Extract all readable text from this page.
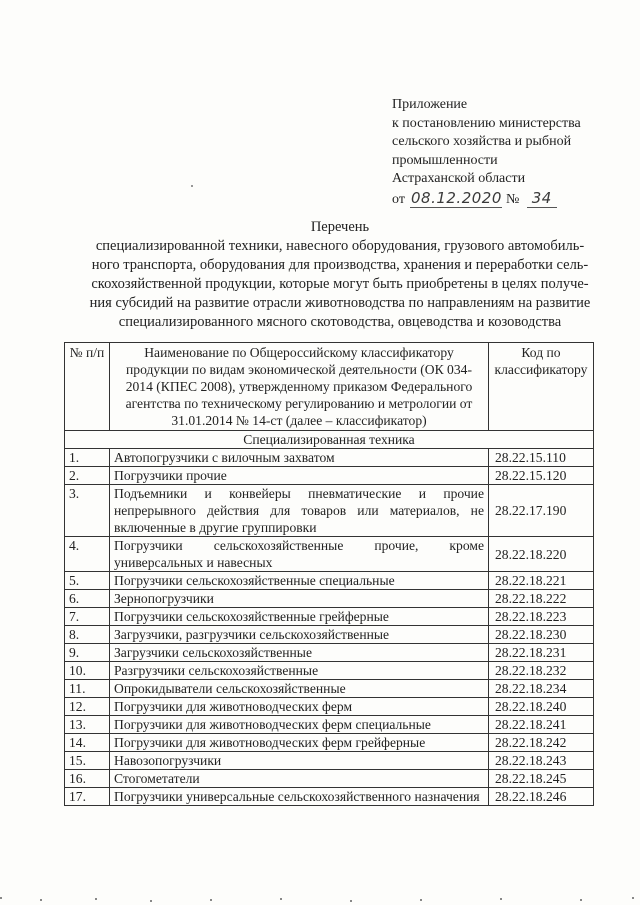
Приложение
к постановлению министерства
сельского хозяйства и рыбной
промышленности
Астраханской области
от 08.12.2020 № 34
Перечень
специализированной техники, навесного оборудования, грузового автомобиль-
ного транспорта, оборудования для производства, хранения и переработки сель-
скохозяйственной продукции, которые могут быть приобретены в целях получе-
ния субсидий на развитие отрасли животноводства по направлениям на развитие
специализированного мясного скотоводства, овцеводства и козоводства
№ п/п	Наименование по Общероссийскому классификатору продукции по видам экономической деятельности (ОК 034-2014 (КПЕС 2008), утвержденному приказом Федерального агентства по техническому регулированию и метрологии от 31.01.2014 № 14-ст (далее – классификатор)	Код по классификатору
Специализированная техника		
1.	Автопогрузчики с вилочным захватом	28.22.15.110
2.	Погрузчики прочие	28.22.15.120
3.	Подъемники и конвейеры пневматические и прочие непрерывного действия для товаров или материалов, не включенные в другие группировки	28.22.17.190
4.	Погрузчики сельскохозяйственные прочие, кроме универсальных и навесных	28.22.18.220
5.	Погрузчики сельскохозяйственные специальные	28.22.18.221
6.	Зернопогрузчики	28.22.18.222
7.	Погрузчики сельскохозяйственные грейферные	28.22.18.223
8.	Загрузчики, разгрузчики сельскохозяйственные	28.22.18.230
9.	Загрузчики сельскохозяйственные	28.22.18.231
10.	Разгрузчики сельскохозяйственные	28.22.18.232
11.	Опрокидыватели сельскохозяйственные	28.22.18.234
12.	Погрузчики для животноводческих ферм	28.22.18.240
13.	Погрузчики для животноводческих ферм специальные	28.22.18.241
14.	Погрузчики для животноводческих ферм грейферные	28.22.18.242
15.	Навозопогрузчики	28.22.18.243
16.	Стогометатели	28.22.18.245
17.	Погрузчики универсальные сельскохозяйственного назначения	28.22.18.246
